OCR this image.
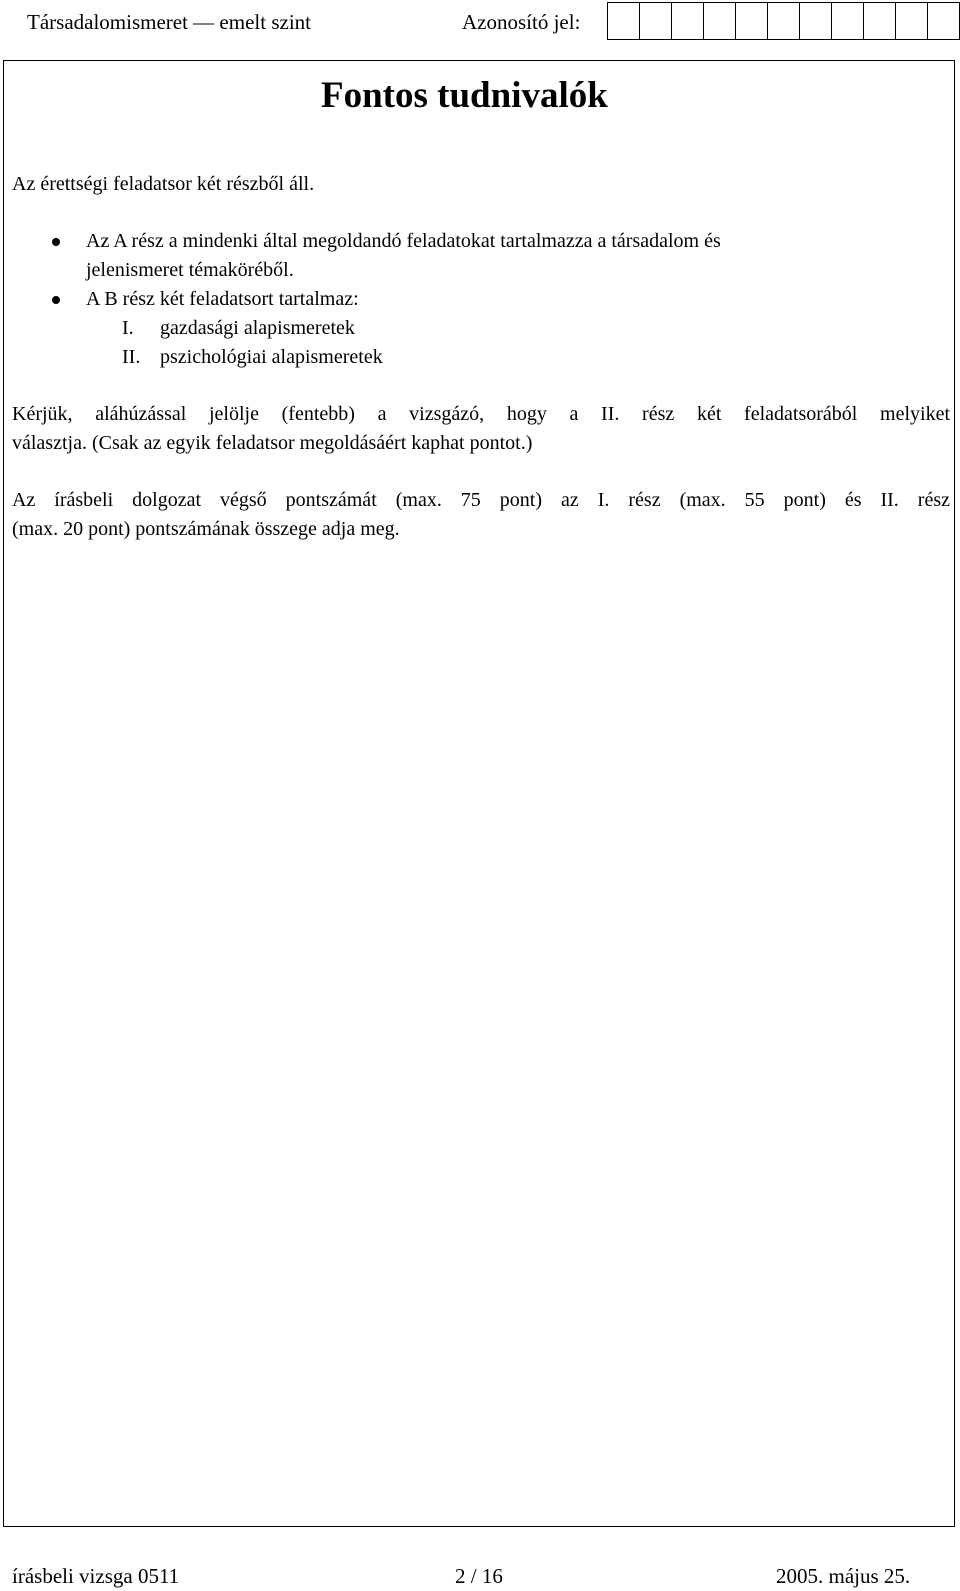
Társadalomismeret — emelt szint	Azonosító jel:
Fontos tudnivalók
Az érettségi feladatsor két részből áll.
Az A rész a mindenki által megoldandó feladatokat tartalmazza a társadalom és
jelenismeret témaköréből.
A B rész két feladatsort tartalmaz:
I. gazdasági alapismeretek
II. pszichológiai alapismeretek
Kérjük, aláhúzással jelölje (fentebb) a vizsgázó, hogy a II. rész két feladatsorából melyiket
választja. (Csak az egyik feladatsor megoldásáért kaphat pontot.)
Az írásbeli dolgozat végső pontszámát (max. 75 pont) az I. rész (max. 55 pont) és II. rész
(max. 20 pont) pontszámának összege adja meg.
írásbeli vizsga 0511	2 / 16	2005. május 25.
